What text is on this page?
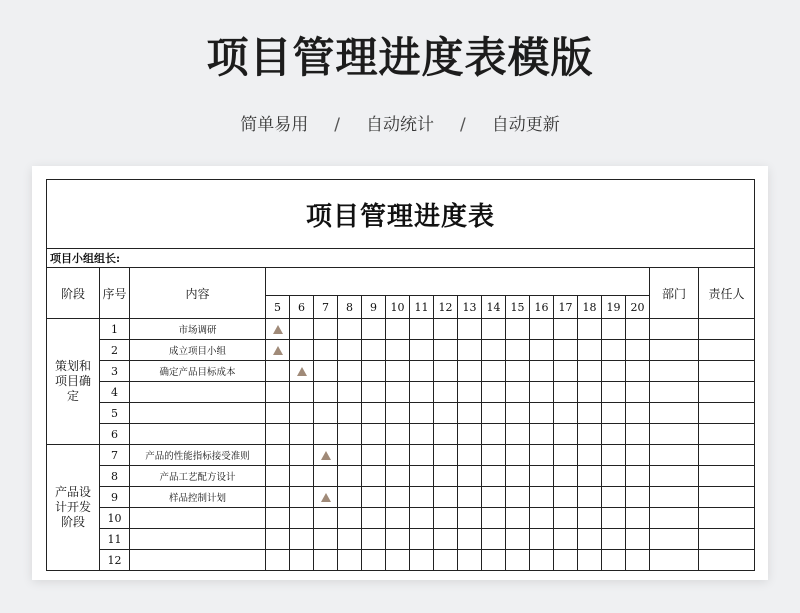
项目管理进度表模版
简单易用 / 自动统计 / 自动更新
项目管理进度表																				
项目小组组长:																				
阶段	序号	内容																	部门	责任人
			5	6	7	8	9	10	11	12	13	14	15	16	17	18	19	20		
策划和项目确定	1	市场调研																		
	2	成立项目小组																		
	3	确定产品目标成本																		
	4																			
	5																			
	6																			
产品设计开发阶段	7	产品的性能指标接受准则																		
	8	产品工艺配方设计																		
	9	样品控制计划																		
	10																			
	11																			
	12																			
